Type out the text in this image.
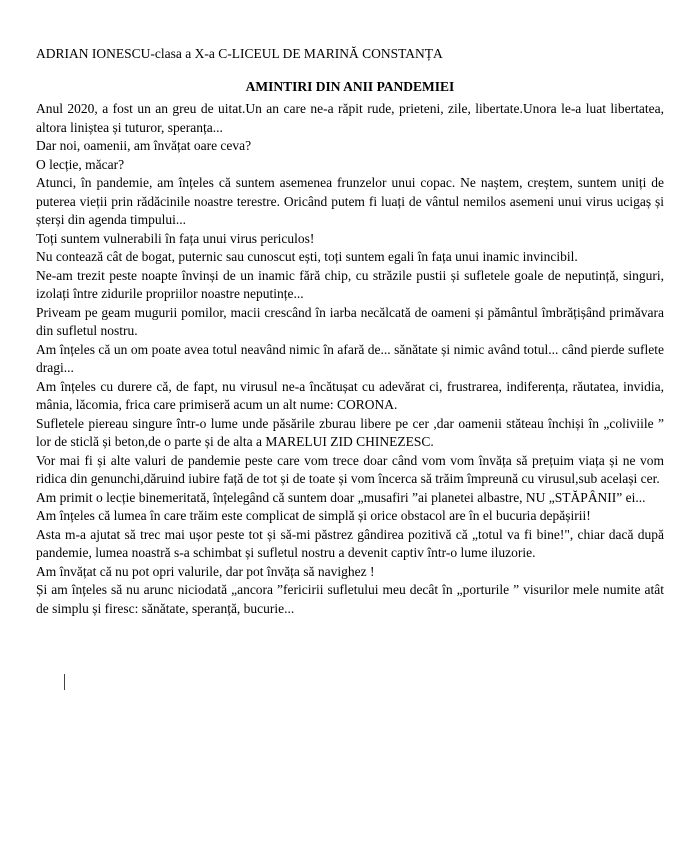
ADRIAN IONESCU-clasa a X-a C-LICEUL DE MARINĂ CONSTANȚA

AMINTIRI DIN ANII PANDEMIEI

Anul 2020, a fost un an greu de uitat.Un an care ne-a răpit rude, prieteni, zile, libertate.Unora le-a luat libertatea, altora liniștea și tuturor, speranța...

Dar noi, oamenii, am învățat oare ceva?

O lecție, măcar?

Atunci, în pandemie, am înțeles că suntem asemenea frunzelor unui copac. Ne naștem, creștem, suntem uniți de puterea vieții prin rădăcinile noastre terestre. Oricând putem fi luați de vântul nemilos asemeni unui virus ucigaș și șterși din agenda timpului...

Toți suntem vulnerabili în fața unui virus periculos!

Nu contează cât de bogat, puternic sau cunoscut ești, toți suntem egali în fața unui inamic invincibil.

Ne-am trezit peste noapte învinși de un inamic fără chip, cu străzile pustii și sufletele goale de neputință, singuri, izolați între zidurile propriilor noastre neputințe...

Priveam pe geam mugurii pomilor, macii crescând în iarba necălcată de oameni și pământul îmbrățișând primăvara din sufletul nostru.

Am înțeles că un om poate avea totul neavând nimic în afară de... sănătate și nimic având totul... când pierde suflete dragi...

Am înțeles cu durere că, de fapt, nu virusul ne-a încătușat cu adevărat ci, frustrarea, indiferența, răutatea, invidia, mânia, lăcomia, frica care primiseră acum un alt nume: CORONA.

Sufletele piereau singure într-o lume unde păsările zburau libere pe cer ,dar oamenii stăteau închiși în „coliviile ” lor de sticlă și beton,de o parte și de alta a MARELUI ZID CHINEZESC.

Vor mai fi și alte valuri de pandemie peste care vom trece doar când vom vom învăța să prețuim viața și ne vom ridica din genunchi,dăruind iubire față de tot și de toate și vom încerca să trăim împreună cu virusul,sub același cer.

Am primit o lecție binemeritată, înțelegând că suntem doar „musafiri ”ai planetei albastre, NU „STĂPÂNII” ei...

Am înțeles că lumea în care trăim este complicat de simplă și orice obstacol are în el bucuria depășirii!

Asta m-a ajutat să trec mai ușor peste tot și să-mi păstrez gândirea pozitivă că „totul va fi bine!", chiar dacă după pandemie, lumea noastră s-a schimbat și sufletul nostru a devenit captiv într-o lume iluzorie.

Am învățat că nu pot opri valurile, dar pot învăța să navighez !

Și am înțeles să nu arunc niciodată „ancora ”fericirii sufletului meu decât în „porturile ” visurilor mele numite atât de simplu și firesc: sănătate, speranță, bucurie...
